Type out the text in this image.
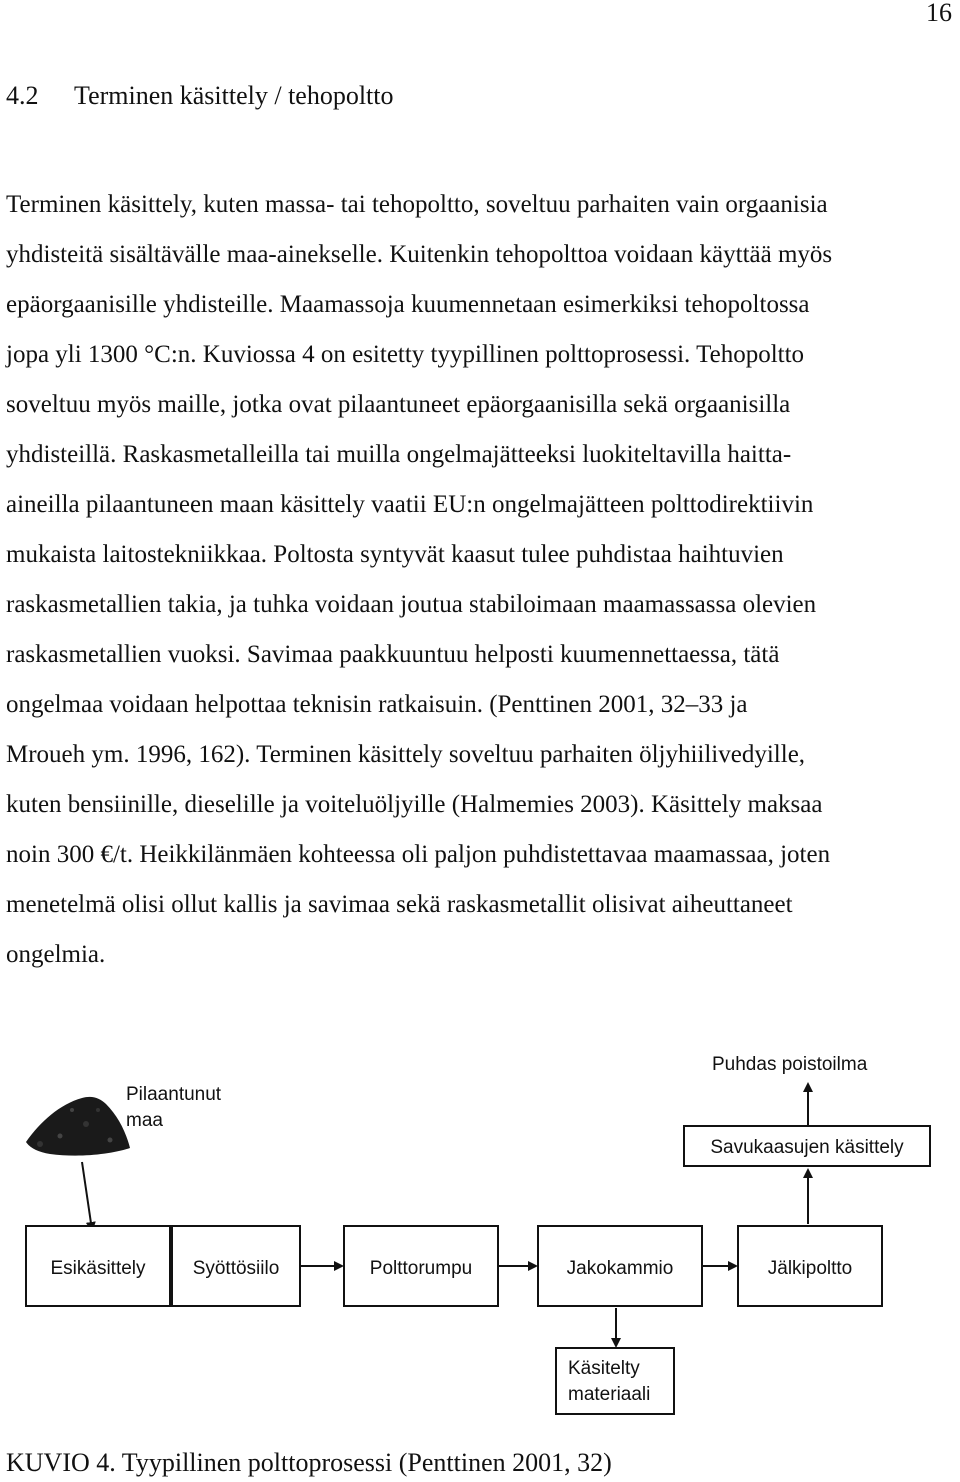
16
4.2 Terminen käsittely / tehopoltto
Terminen käsittely, kuten massa- tai tehopoltto, soveltuu parhaiten vain orgaanisia
yhdisteitä sisältävälle maa-ainekselle. Kuitenkin tehopolttoa voidaan käyttää myös
epäorgaanisille yhdisteille. Maamassoja kuumennetaan esimerkiksi tehopoltossa
jopa yli 1300 °C:n. Kuviossa 4 on esitetty tyypillinen polttoprosessi. Tehopoltto
soveltuu myös maille, jotka ovat pilaantuneet epäorgaanisilla sekä orgaanisilla
yhdisteillä. Raskasmetalleilla tai muilla ongelmajätteeksi luokiteltavilla haitta-
aineilla pilaantuneen maan käsittely vaatii EU:n ongelmajätteen polttodirektiivin
mukaista laitostekniikkaa. Poltosta syntyvät kaasut tulee puhdistaa haihtuvien
raskasmetallien takia, ja tuhka voidaan joutua stabiloimaan maamassassa olevien
raskasmetallien vuoksi. Savimaa paakkuuntuu helposti kuumennettaessa, tätä
ongelmaa voidaan helpottaa teknisin ratkaisuin. (Penttinen 2001, 32–33 ja
Mroueh ym. 1996, 162). Terminen käsittely soveltuu parhaiten öljyhiilivedyille,
kuten bensiinille, dieselille ja voiteluöljyille (Halmemies 2003). Käsittely maksaa
noin 300 €/t. Heikkilänmäen kohteessa oli paljon puhdistettavaa maamassaa, joten
menetelmä olisi ollut kallis ja savimaa sekä raskasmetallit olisivat aiheuttaneet
ongelmia.
Pilaantunut
maa
Puhdas poistoilma
Savukaasujen käsittely
Esikäsittely Syöttösiilo	Polttorumpu	Jakokammio	Jälkipoltto
Käsitelty
materiaali
KUVIO 4. Tyypillinen polttoprosessi (Penttinen 2001, 32)
